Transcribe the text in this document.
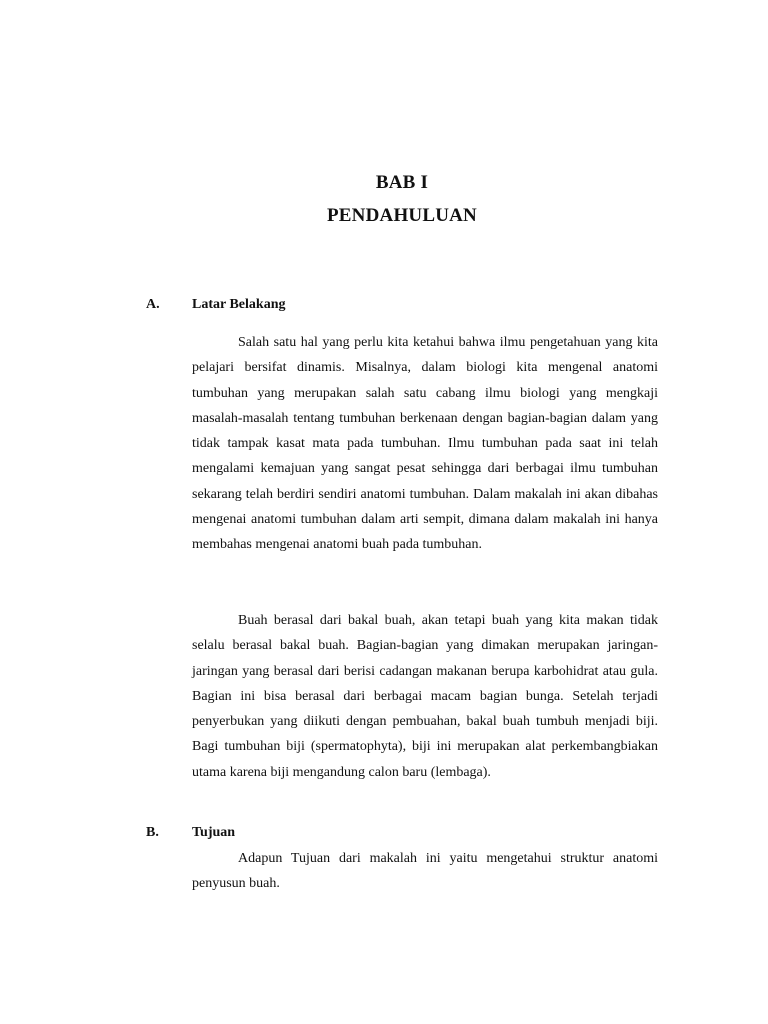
BAB I
PENDAHULUAN
A. Latar Belakang

Salah satu hal yang perlu kita ketahui bahwa ilmu pengetahuan yang kita pelajari bersifat dinamis. Misalnya, dalam biologi kita mengenal anatomi tumbuhan yang merupakan salah satu cabang ilmu biologi yang mengkaji masalah-masalah tentang tumbuhan berkenaan dengan bagian-bagian dalam yang tidak tampak kasat mata pada tumbuhan. Ilmu tumbuhan pada saat ini telah mengalami kemajuan yang sangat pesat sehingga dari berbagai ilmu tumbuhan sekarang telah berdiri sendiri anatomi tumbuhan. Dalam makalah ini akan dibahas mengenai anatomi tumbuhan dalam arti sempit, dimana dalam makalah ini hanya membahas mengenai anatomi buah pada tumbuhan.

Buah berasal dari bakal buah, akan tetapi buah yang kita makan tidak selalu berasal bakal buah. Bagian-bagian yang dimakan merupakan jaringan-jaringan yang berasal dari berisi cadangan makanan berupa karbohidrat atau gula. Bagian ini bisa berasal dari berbagai macam bagian bunga. Setelah terjadi penyerbukan yang diikuti dengan pembuahan, bakal buah tumbuh menjadi biji. Bagi tumbuhan biji (spermatophyta), biji ini merupakan alat perkembangbiakan utama karena biji mengandung calon baru (lembaga).

B. Tujuan

Adapun Tujuan dari makalah ini yaitu mengetahui struktur anatomi penyusun buah.
